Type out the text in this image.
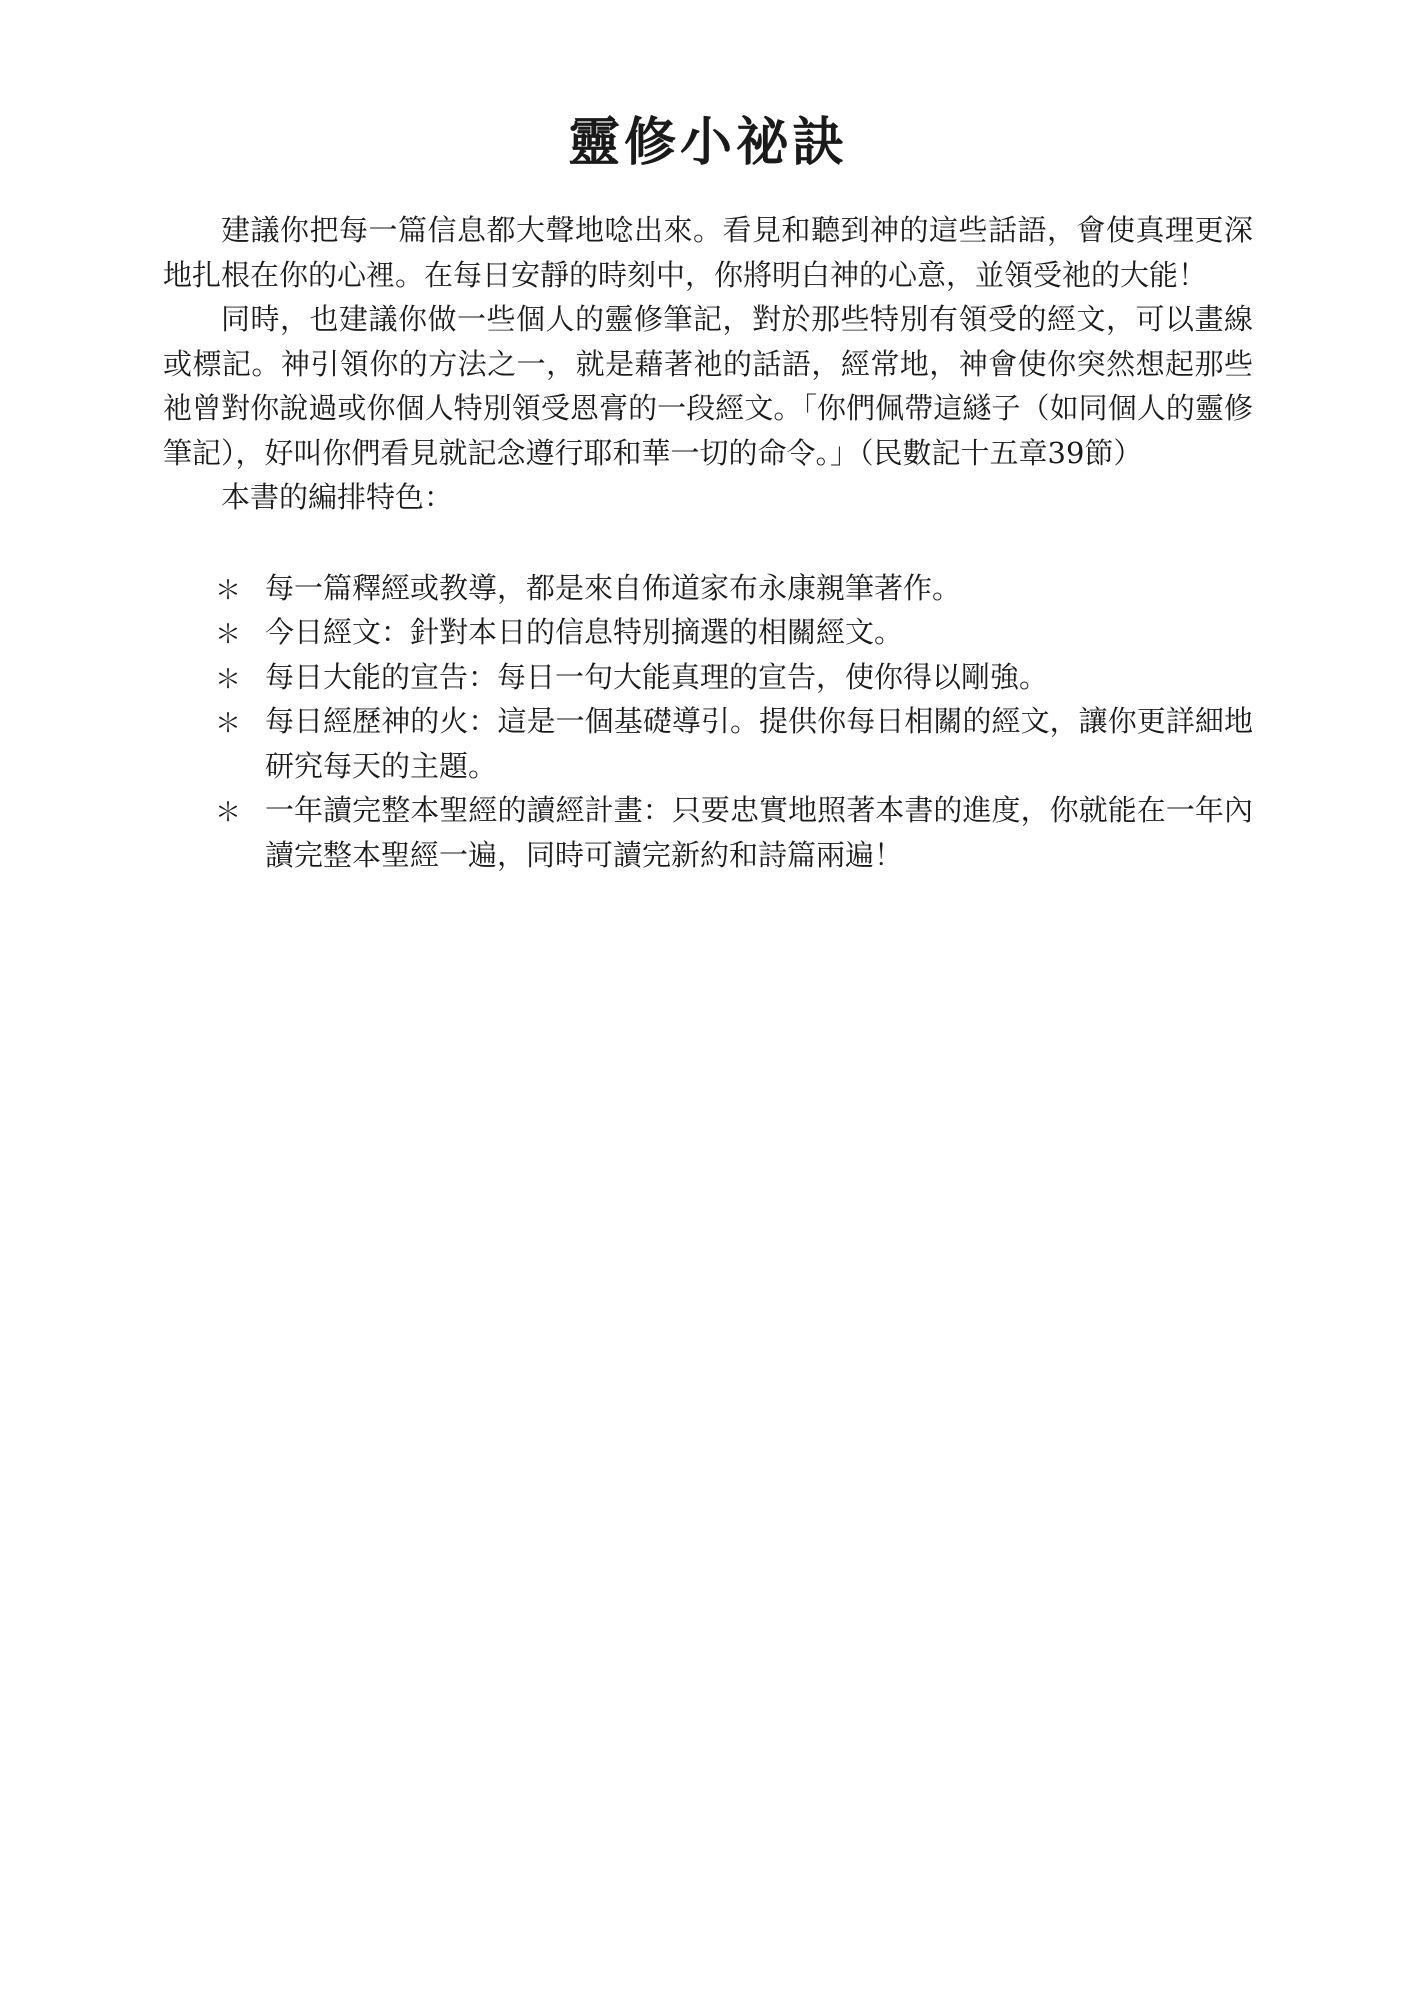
靈修小祕訣

建議你把每一篇信息都大聲地唸出來。看見和聽到神的這些話語，會使真理更深地扎根在你的心裡。在每日安靜的時刻中，你將明白神的心意，並領受祂的大能！

同時，也建議你做一些個人的靈修筆記，對於那些特別有領受的經文，可以畫線或標記。神引領你的方法之一，就是藉著祂的話語，經常地，神會使你突然想起那些祂曾對你說過或你個人特別領受恩膏的一段經文。「你們佩帶這繸子（如同個人的靈修筆記），好叫你們看見就記念遵行耶和華一切的命令。」（民數記十五章39節）

本書的編排特色：

＊ 每一篇釋經或教導，都是來自佈道家布永康親筆著作。
＊ 今日經文：針對本日的信息特別摘選的相關經文。
＊ 每日大能的宣告：每日一句大能真理的宣告，使你得以剛強。
＊ 每日經歷神的火：這是一個基礎導引。提供你每日相關的經文，讓你更詳細地研究每天的主題。
＊ 一年讀完整本聖經的讀經計畫：只要忠實地照著本書的進度，你就能在一年內讀完整本聖經一遍，同時可讀完新約和詩篇兩遍！
